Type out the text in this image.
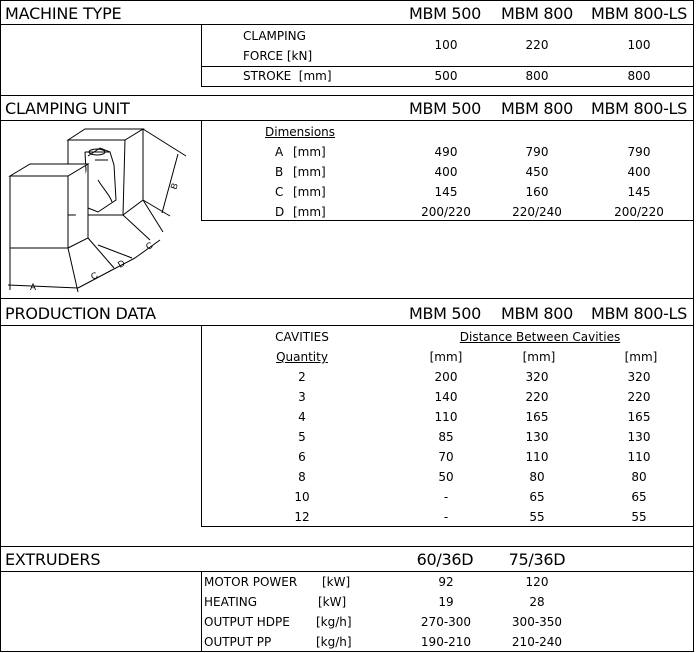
MACHINE TYPE	MBM 500	MBM 800	MBM 800-LS
CLAMPING
FORCE [kN]
100	220	100
STROKE  [mm]	500	800	800
CLAMPING UNIT	MBM 500	MBM 800	MBM 800-LS
Dimensions
A [mm]	490	790	790
B [mm]	400	450	400
C [mm]	145	160	145
D [mm]	200/220	220/240	200/220
B
A
C
D
C
PRODUCTION DATA	MBM 500	MBM 800	MBM 800-LS
CAVITIES	Distance Between Cavities
Quantity	[mm]	[mm]	[mm]
2	200	320	320
3	140	220	220
4	110	165	165
5	85	130	130
6	70	110	110
8	50	80	80
10	-	65	65
12	-	55	55
EXTRUDERS	60/36D	75/36D
MOTOR POWER [kW]	92	120
HEATING	[kW]	19	28
OUTPUT HDPE [kg/h]	270-300	300-350
OUTPUT PP	[kg/h]	190-210	210-240
